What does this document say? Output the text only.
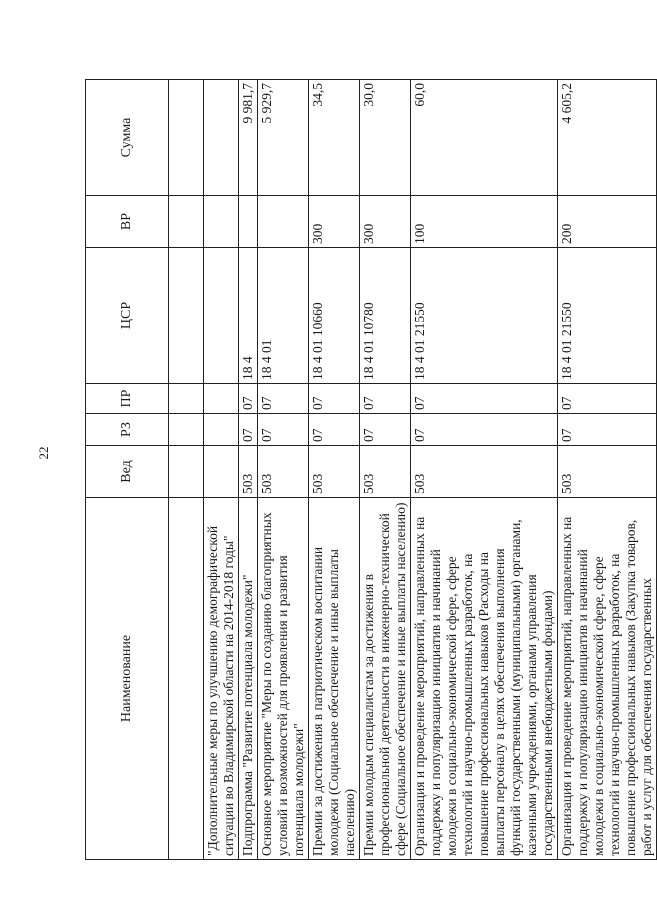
22
Наименование	Вед	РЗ	ПР	ЦСР	ВР	Сумма

"Дополнительные меры по улучшению демографической ситуации во Владимирской области на 2014-2018 годы"						
Подпрограмма "Развитие потенциала молодежи"	503	07	07	18 4		9 981,7
Основное мероприятие "Меры по созданию благоприятных условий и возможностей для проявления и развития потенциала молодежи"	503	07	07	18 4 01		5 929,7
Премии за достижения в патриотическом воспитании молодежи (Социальное обеспечение и иные выплаты населению)	503	07	07	18 4 01 10660	300	34,5
Премии молодым специалистам за достижения в профессиональной деятельности в инженерно-технической сфере (Социальное обеспечение и иные выплаты населению)	503	07	07	18 4 01 10780	300	30,0
Организация и проведение мероприятий, направленных на поддержку и популяризацию инициатив и начинаний молодежи в социально-экономической сфере, сфере технологий и научно-промышленных разработок, на повышение профессиональных навыков (Расходы на выплаты персоналу в целях обеспечения выполнения функций государственными (муниципальными) органами, казенными учреждениями, органами управления государственными внебюджетными фондами)	503	07	07	18 4 01 21550	100	60,0
Организация и проведение мероприятий, направленных на поддержку и популяризацию инициатив и начинаний молодежи в социально-экономической сфере, сфере технологий и научно-промышленных разработок, на повышение профессиональных навыков (Закупка товаров, работ и услуг для обеспечения государственных	503	07	07	18 4 01 21550	200	4 605,2
